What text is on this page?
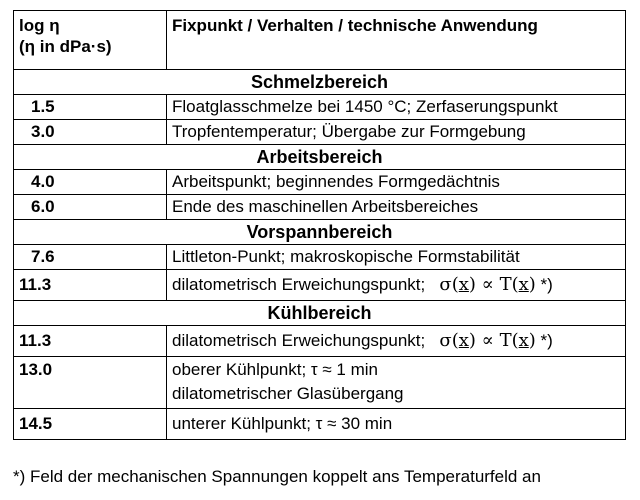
log η
(η in dPa·s)	Fixpunkt / Verhalten / technische Anwendung
Schmelzbereich	
1.5	Floatglasschmelze bei 1450 °C; Zerfaserungspunkt
3.0	Tropfentemperatur; Übergabe zur Formgebung
Arbeitsbereich	
4.0	Arbeitspunkt; beginnendes Formgedächtnis
6.0	Ende des maschinellen Arbeitsbereiches
Vorspannbereich	
7.6	Littleton-Punkt; makroskopische Formstabilität
11.3	dilatometrisch Erweichungspunkt; σ(x) ∝ T(x) *)
Kühlbereich	
11.3	dilatometrisch Erweichungspunkt; σ(x) ∝ T(x) *)
13.0	oberer Kühlpunkt; τ ≈ 1 min
dilatometrischer Glasübergang

14.5	unterer Kühlpunkt; τ ≈ 30 min
*) Feld der mechanischen Spannungen koppelt ans Temperaturfeld an
